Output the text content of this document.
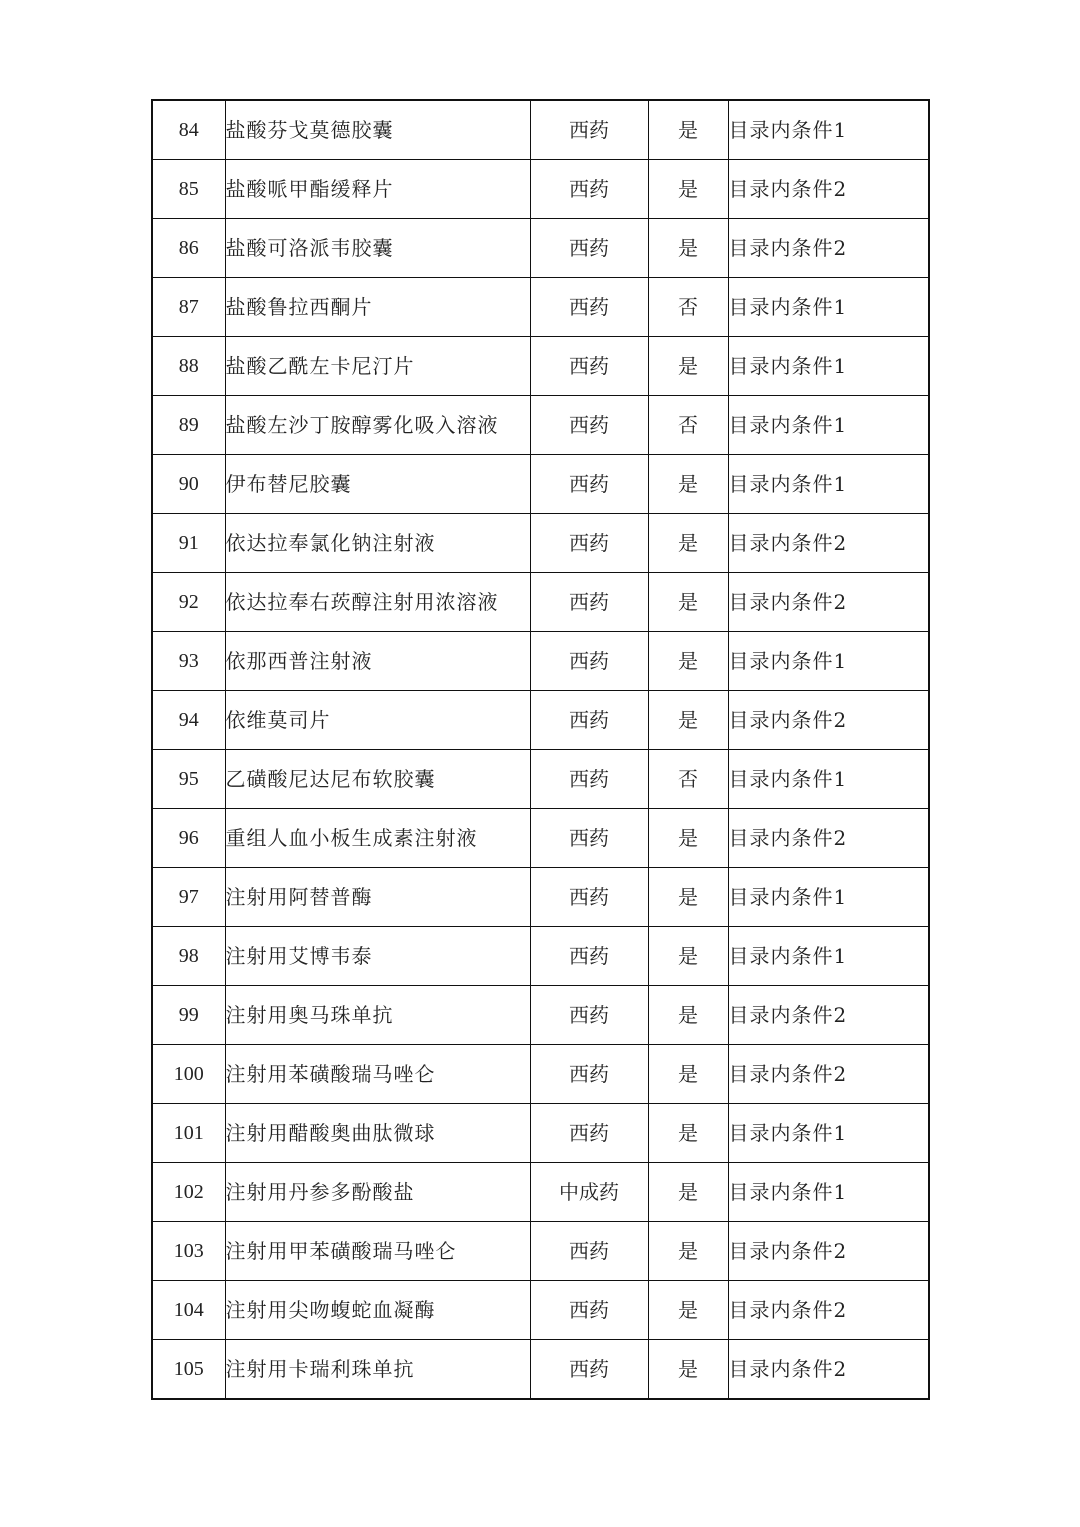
84	盐酸芬戈莫德胶囊	西药	是	目录内条件1
85	盐酸哌甲酯缓释片	西药	是	目录内条件2
86	盐酸可洛派韦胶囊	西药	是	目录内条件2
87	盐酸鲁拉西酮片	西药	否	目录内条件1
88	盐酸乙酰左卡尼汀片	西药	是	目录内条件1
89	盐酸左沙丁胺醇雾化吸入溶液	西药	否	目录内条件1
90	伊布替尼胶囊	西药	是	目录内条件1
91	依达拉奉氯化钠注射液	西药	是	目录内条件2
92	依达拉奉右莰醇注射用浓溶液	西药	是	目录内条件2
93	依那西普注射液	西药	是	目录内条件1
94	依维莫司片	西药	是	目录内条件2
95	乙磺酸尼达尼布软胶囊	西药	否	目录内条件1
96	重组人血小板生成素注射液	西药	是	目录内条件2
97	注射用阿替普酶	西药	是	目录内条件1
98	注射用艾博韦泰	西药	是	目录内条件1
99	注射用奥马珠单抗	西药	是	目录内条件2
100	注射用苯磺酸瑞马唑仑	西药	是	目录内条件2
101	注射用醋酸奥曲肽微球	西药	是	目录内条件1
102	注射用丹参多酚酸盐	中成药	是	目录内条件1
103	注射用甲苯磺酸瑞马唑仑	西药	是	目录内条件2
104	注射用尖吻蝮蛇血凝酶	西药	是	目录内条件2
105	注射用卡瑞利珠单抗	西药	是	目录内条件2
